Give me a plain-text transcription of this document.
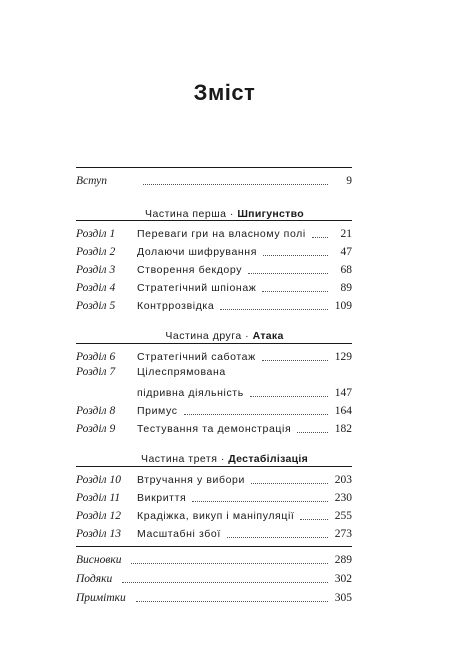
Зміст
Вступ	9
Частина перша · Шпигунство
Розділ 1	Переваги гри на власному полі	21
Розділ 2	Долаючи шифрування	47
Розділ 3	Створення бекдору	68
Розділ 4	Стратегічний шпіонаж	89
Розділ 5	Контррозвідка	109
Частина друга · Атака
Розділ 6	Стратегічний саботаж	129
Розділ 7	Цілеспрямована
підривна діяльність	147
Розділ 8	Примус	164
Розділ 9	Тестування та демонстрація	182
Частина третя · Дестабілізація
Розділ 10	Втручання у вибори	203
Розділ 11	Викриття	230
Розділ 12	Крадіжка, викуп і маніпуляції	255
Розділ 13	Масштабні збої	273
Висновки	289
Подяки	302
Примітки	305
